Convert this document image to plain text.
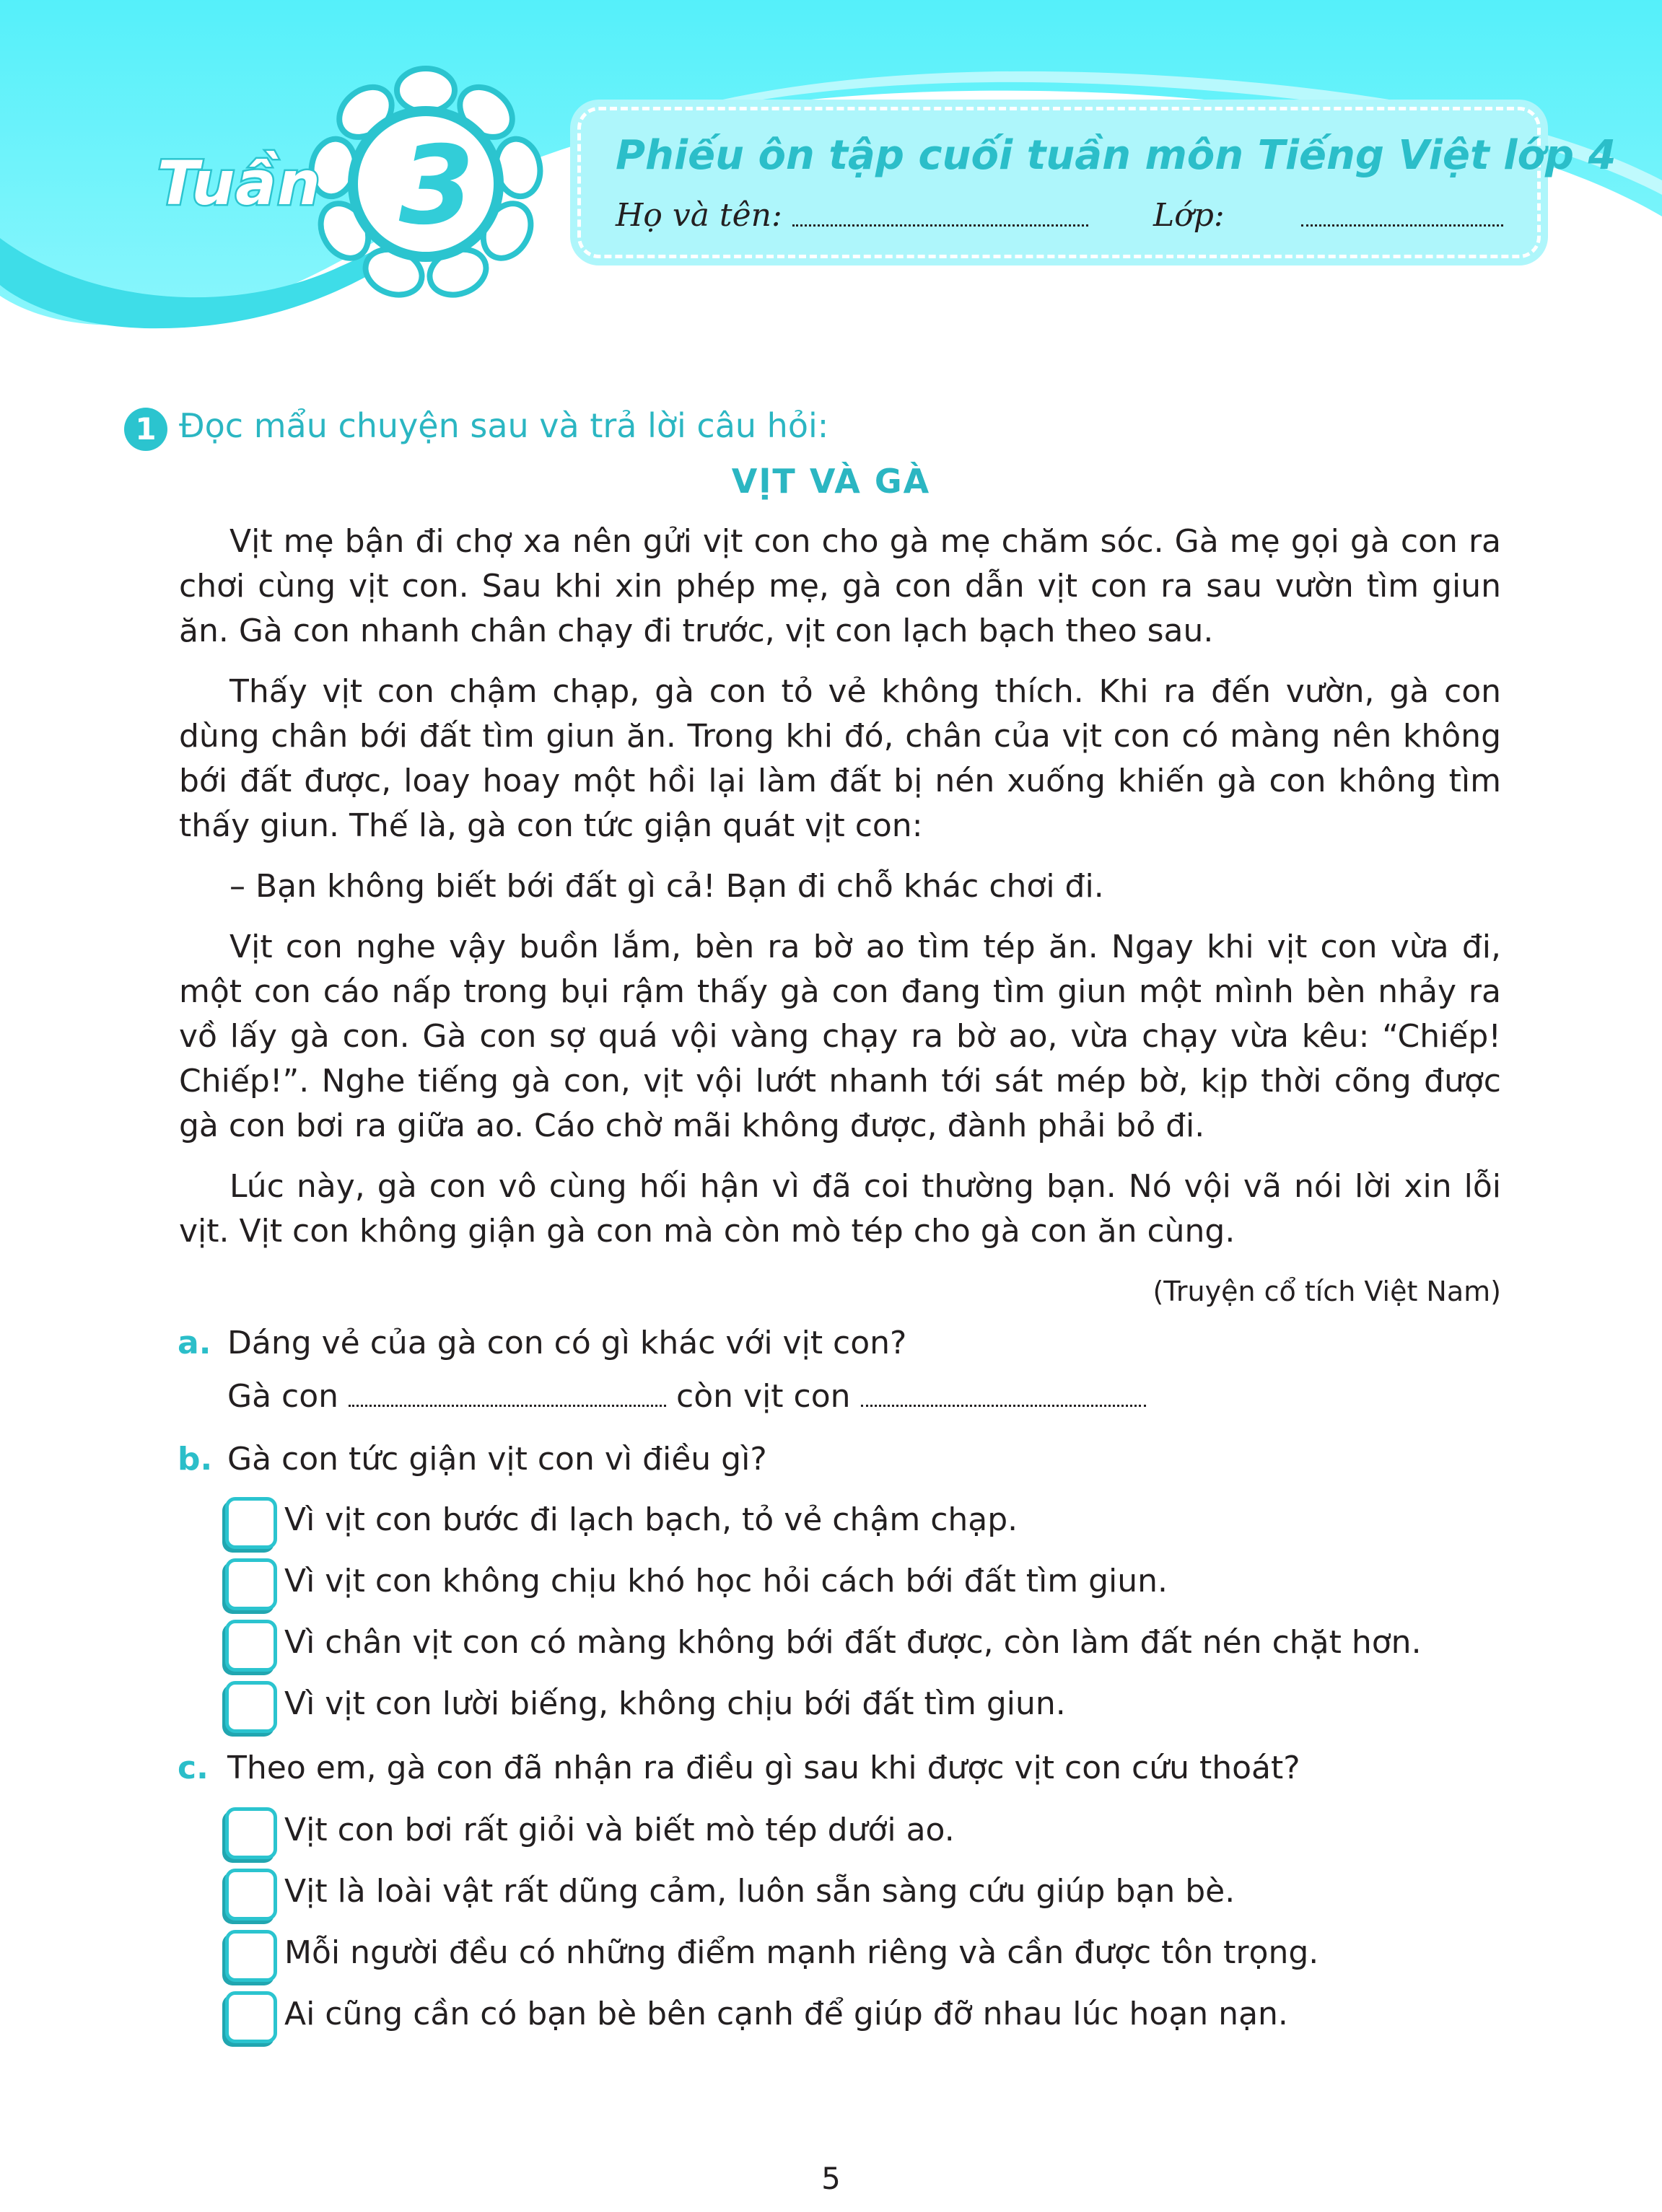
Tuần 3	Phiếu ôn tập cuối tuần môn Tiếng Việt lớp 4
Họ và tên:	Lớp:
1 Đọc mẩu chuyện sau và trả lời câu hỏi:
VỊT VÀ GÀ

Vịt mẹ bận đi chợ xa nên gửi vịt con cho gà mẹ chăm sóc. Gà mẹ gọi gà con ra chơi cùng vịt con. Sau khi xin phép mẹ, gà con dẫn vịt con ra sau vườn tìm giun ăn. Gà con nhanh chân chạy đi trước, vịt con lạch bạch theo sau.

Thấy vịt con chậm chạp, gà con tỏ vẻ không thích. Khi ra đến vườn, gà con dùng chân bới đất tìm giun ăn. Trong khi đó, chân của vịt con có màng nên không bới đất được, loay hoay một hồi lại làm đất bị nén xuống khiến gà con không tìm thấy giun. Thế là, gà con tức giận quát vịt con:

– Bạn không biết bới đất gì cả! Bạn đi chỗ khác chơi đi.

Vịt con nghe vậy buồn lắm, bèn ra bờ ao tìm tép ăn. Ngay khi vịt con vừa đi, một con cáo nấp trong bụi rậm thấy gà con đang tìm giun một mình bèn nhảy ra vồ lấy gà con. Gà con sợ quá vội vàng chạy ra bờ ao, vừa chạy vừa kêu: “Chiếp! Chiếp!”. Nghe tiếng gà con, vịt vội lướt nhanh tới sát mép bờ, kịp thời cõng được gà con bơi ra giữa ao. Cáo chờ mãi không được, đành phải bỏ đi.

Lúc này, gà con vô cùng hối hận vì đã coi thường bạn. Nó vội vã nói lời xin lỗi vịt. Vịt con không giận gà con mà còn mò tép cho gà con ăn cùng.

(Truyện cổ tích Việt Nam)
a. Dáng vẻ của gà con có gì khác với vịt con?
Gà con	còn vịt con
b. Gà con tức giận vịt con vì điều gì?
Vì vịt con bước đi lạch bạch, tỏ vẻ chậm chạp.
Vì vịt con không chịu khó học hỏi cách bới đất tìm giun.
Vì chân vịt con có màng không bới đất được, còn làm đất nén chặt hơn.
Vì vịt con lười biếng, không chịu bới đất tìm giun.
c. Theo em, gà con đã nhận ra điều gì sau khi được vịt con cứu thoát?
Vịt con bơi rất giỏi và biết mò tép dưới ao.
Vịt là loài vật rất dũng cảm, luôn sẵn sàng cứu giúp bạn bè.
Mỗi người đều có những điểm mạnh riêng và cần được tôn trọng.
Ai cũng cần có bạn bè bên cạnh để giúp đỡ nhau lúc hoạn nạn.
5
